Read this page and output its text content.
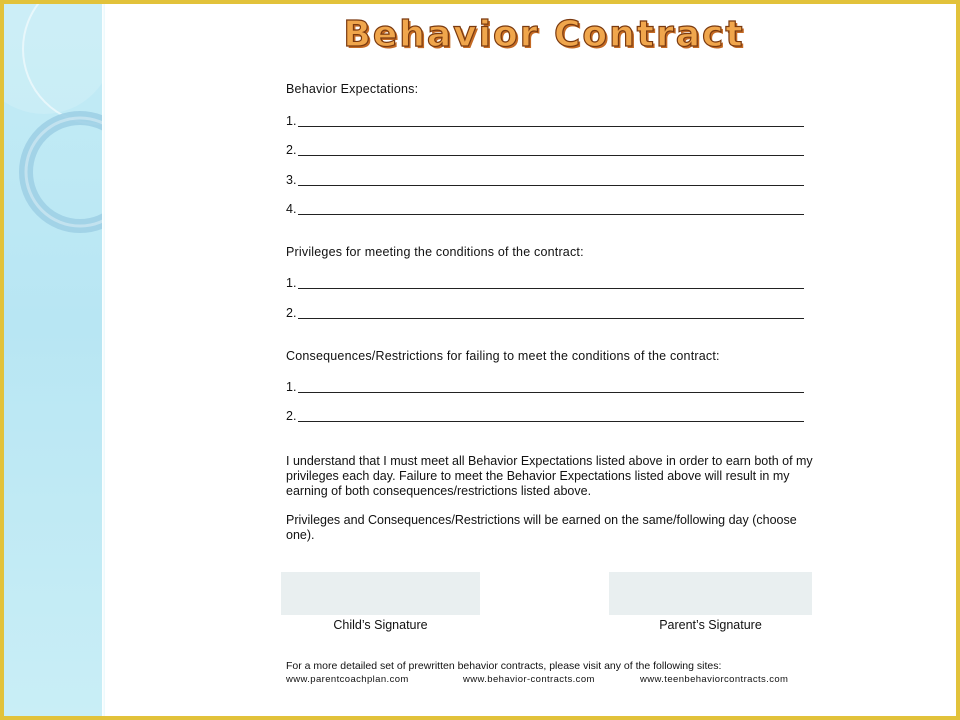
Behavior Contract
Behavior Expectations:
1.
2.
3.
4.
Privileges for meeting the conditions of the contract:
1.
2.
Consequences/Restrictions for failing to meet the conditions of the contract:
1.
2.
I understand that I must meet all Behavior Expectations listed above in order to earn both of my privileges each day. Failure to meet the Behavior Expectations listed above will result in my earning of both consequences/restrictions listed above.
Privileges and Consequences/Restrictions will be earned on the same/following day (choose one).
Child’s Signature	Parent’s Signature
For a more detailed set of prewritten behavior contracts, please visit any of the following sites:
www.parentcoachplan.com	www.behavior-contracts.com	www.teenbehaviorcontracts.com
